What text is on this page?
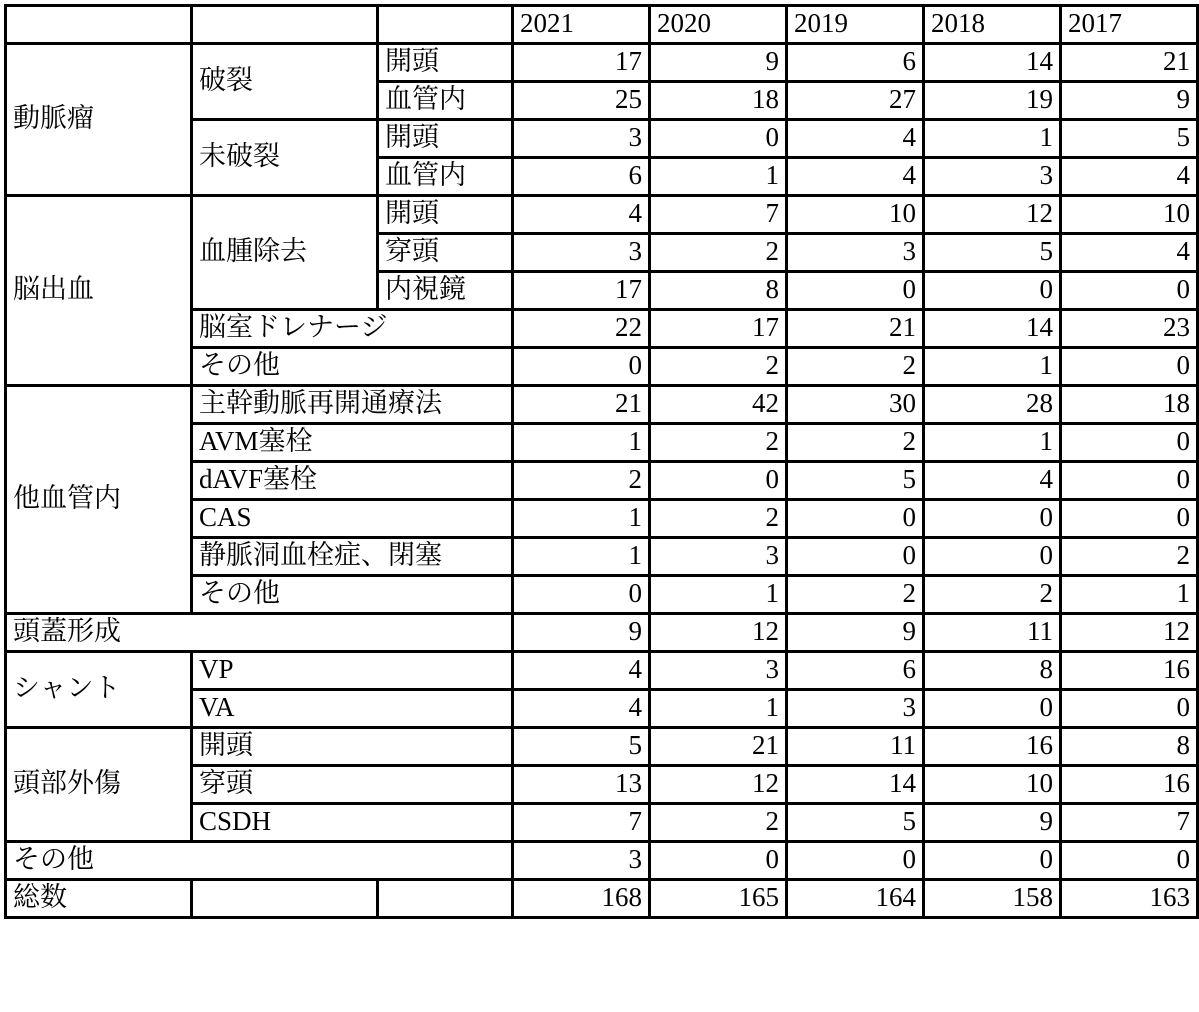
			2021	2020	2019	2018	2017
動脈瘤	破裂	開頭	17	9	6	14	21
		血管内	25	18	27	19	9
	未破裂	開頭	3	0	4	1	5
		血管内	6	1	4	3	4
脳出血	血腫除去	開頭	4	7	10	12	10
		穿頭	3	2	3	5	4
		内視鏡	17	8	0	0	0
	脳室ドレナージ		22	17	21	14	23
	その他		0	2	2	1	0
他血管内	主幹動脈再開通療法		21	42	30	28	18
	AVM塞栓		1	2	2	1	0
	dAVF塞栓		2	0	5	4	0
	CAS		1	2	0	0	0
	静脈洞血栓症、閉塞		1	3	0	0	2
	その他		0	1	2	2	1
頭蓋形成			9	12	9	11	12
シャント	VP		4	3	6	8	16
	VA		4	1	3	0	0
頭部外傷	開頭		5	21	11	16	8
	穿頭		13	12	14	10	16
	CSDH		7	2	5	9	7
その他			3	0	0	0	0
総数			168	165	164	158	163
